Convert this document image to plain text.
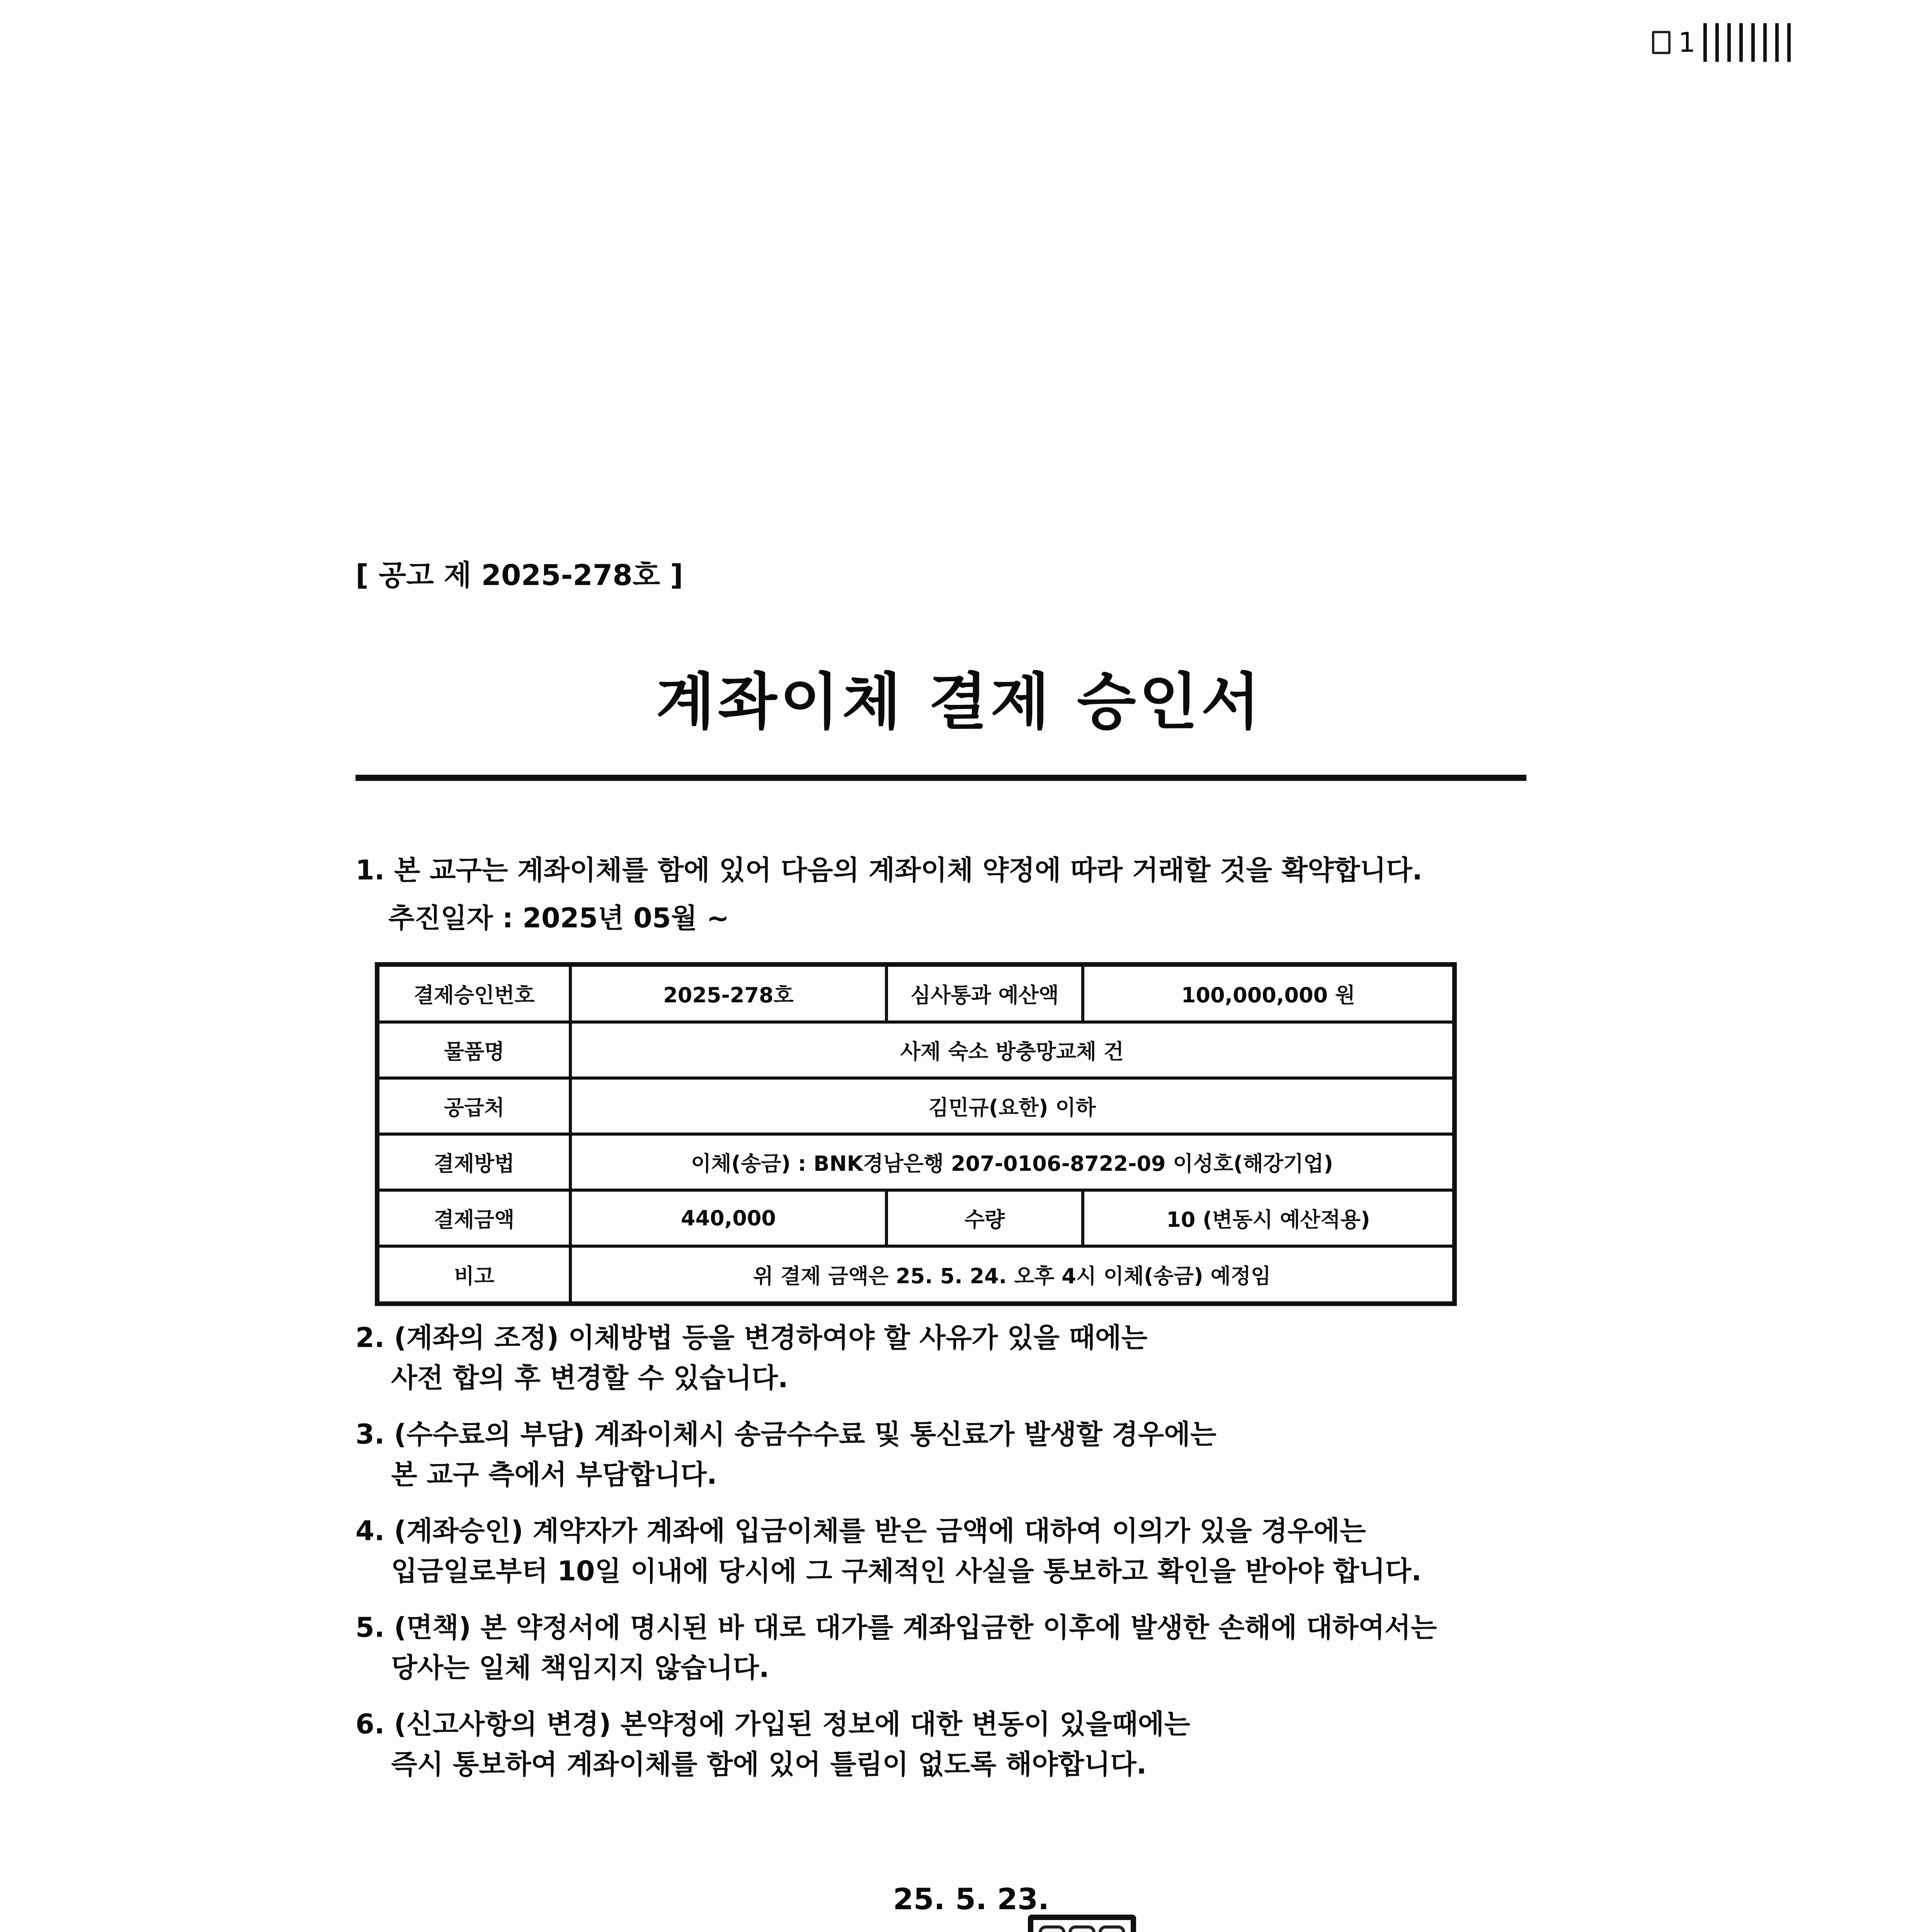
1
[ 공고 제 2025-278호 ]
계좌이체 결제 승인서
1. 본 교구는 계좌이체를 함에 있어 다음의 계좌이체 약정에 따라 거래할 것을 확약합니다.
추진일자 : 2025년 05월 ~
결제승인번호	2025-278호	심사통과 예산액	100,000,000 원
물품명	사제 숙소 방충망교체 건		
공급처	김민규(요한) 이하		
결제방법	이체(송금) : BNK경남은행 207-0106-8722-09 이성호(해강기업)		
결제금액	440,000	수량	10 (변동시 예산적용)
비고	위 결제 금액은 25. 5. 24. 오후 4시 이체(송금) 예정임		
2. (계좌의 조정) 이체방법 등을 변경하여야 할 사유가 있을 때에는
사전 합의 후 변경할 수 있습니다.
3. (수수료의 부담) 계좌이체시 송금수수료 및 통신료가 발생할 경우에는
본 교구 측에서 부담합니다.
4. (계좌승인) 계약자가 계좌에 입금이체를 받은 금액에 대하여 이의가 있을 경우에는
입금일로부터 10일 이내에 당시에 그 구체적인 사실을 통보하고 확인을 받아야 합니다.
5. (면책) 본 약정서에 명시된 바 대로 대가를 계좌입금한 이후에 발생한 손해에 대하여서는
당사는 일체 책임지지 않습니다.
6. (신고사항의 변경) 본약정에 가입된 정보에 대한 변동이 있을때에는
즉시 통보하여 계좌이체를 함에 있어 틀림이 없도록 해야합니다.
25. 5. 23.
